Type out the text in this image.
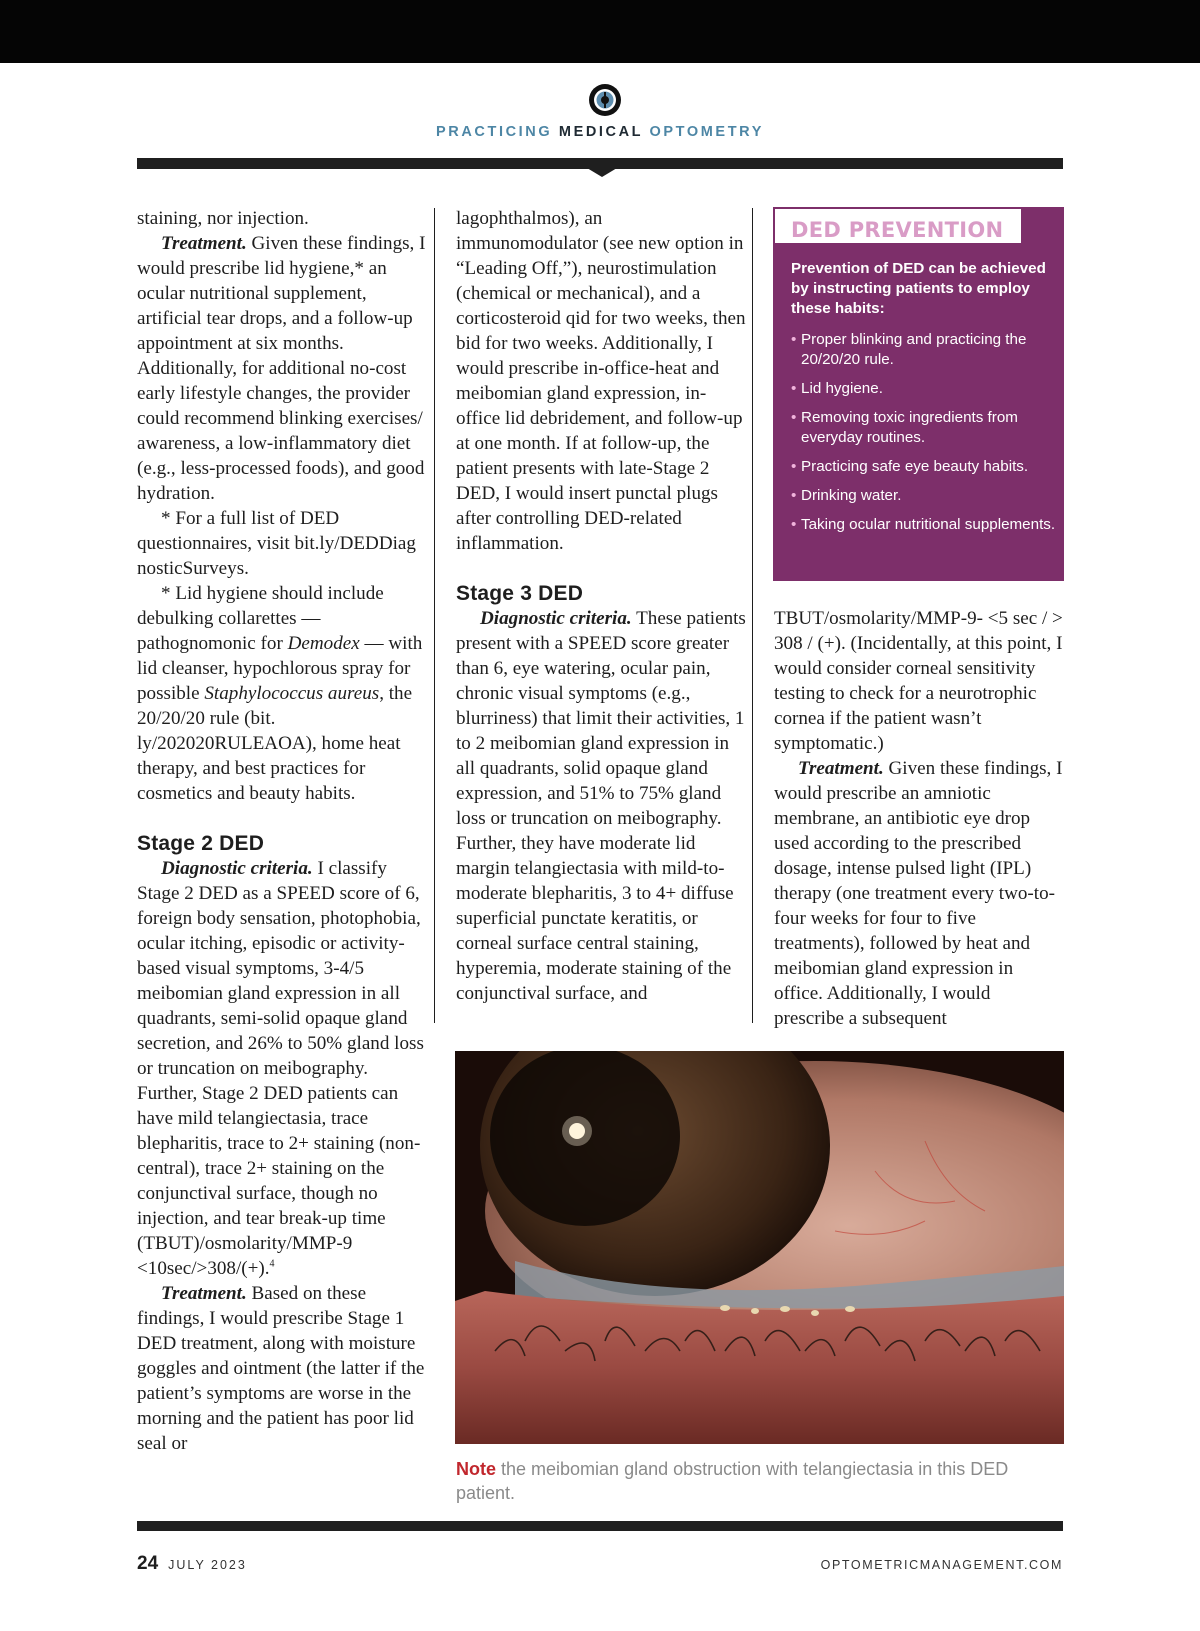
PRACTICING MEDICAL OPTOMETRY

staining, nor injection.

Treatment. Given these findings, I would prescribe lid hygiene,* an ocular nutritional supplement, artificial tear drops, and a follow-up appointment at six months. Additionally, for additional no-cost early lifestyle changes, the provider could recommend blinking exercises/ awareness, a low-inflammatory diet (e.g., less-processed foods), and good hydration.

* For a full list of DED questionnaires, visit bit.ly/DEDDiag nosticSurveys.

* Lid hygiene should include debulking collarettes — pathognomonic for Demodex — with lid cleanser, hypochlorous spray for possible Staphylococcus aureus, the 20/20/20 rule (bit. ly/202020RULEAOA), home heat therapy, and best practices for cosmetics and beauty habits.

Stage 2 DED

Diagnostic criteria. I classify Stage 2 DED as a SPEED score of 6, foreign body sensation, photophobia, ocular itching, episodic or activity-based visual symptoms, 3-4/5 meibomian gland expression in all quadrants, semi-solid opaque gland secretion, and 26% to 50% gland loss or truncation on meibography. Further, Stage 2 DED patients can have mild telangiectasia, trace blepharitis, trace to 2+ staining (non-central), trace 2+ staining on the conjunctival surface, though no injection, and tear break-up time (TBUT)/osmolarity/MMP-9 <10sec/>308/(+).$^4$

Treatment. Based on these findings, I would prescribe Stage 1 DED treatment, along with moisture goggles and ointment (the latter if the patient’s symptoms are worse in the morning and the patient has poor lid seal or

lagophthalmos), an immunomodulator (see new option in “Leading Off,”), neurostimulation (chemical or mechanical), and a corticosteroid qid for two weeks, then bid for two weeks. Additionally, I would prescribe in-office-heat and meibomian gland expression, in-office lid debridement, and follow-up at one month. If at follow-up, the patient presents with late-Stage 2 DED, I would insert punctal plugs after controlling DED-related inflammation.

Stage 3 DED

Diagnostic criteria. These patients present with a SPEED score greater than 6, eye watering, ocular pain, chronic visual symptoms (e.g., blurriness) that limit their activities, 1 to 2 meibomian gland expression in all quadrants, solid opaque gland expression, and 51% to 75% gland loss or truncation on meibography. Further, they have moderate lid margin telangiectasia with mild-to-moderate blepharitis, 3 to 4+ diffuse superficial punctate keratitis, or corneal surface central staining, hyperemia, moderate staining of the conjunctival surface, and

DED PREVENTION
Prevention of DED can be achieved by instructing patients to employ these habits:
• Proper blinking and practicing the 20/20/20 rule.
• Lid hygiene.
• Removing toxic ingredients from everyday routines.
• Practicing safe eye beauty habits.
• Drinking water.
• Taking ocular nutritional supplements.

TBUT/osmolarity/MMP-9- <5 sec / > 308 / (+). (Incidentally, at this point, I would consider corneal sensitivity testing to check for a neurotrophic cornea if the patient wasn’t symptomatic.)

Treatment. Given these findings, I would prescribe an amniotic membrane, an antibiotic eye drop used according to the prescribed dosage, intense pulsed light (IPL) therapy (one treatment every two-to-four weeks for four to five treatments), followed by heat and meibomian gland expression in office. Additionally, I would prescribe a subsequent

Note the meibomian gland obstruction with telangiectasia in this DED patient.
24 JULY 2023	OPTOMETRICMANAGEMENT.COM
